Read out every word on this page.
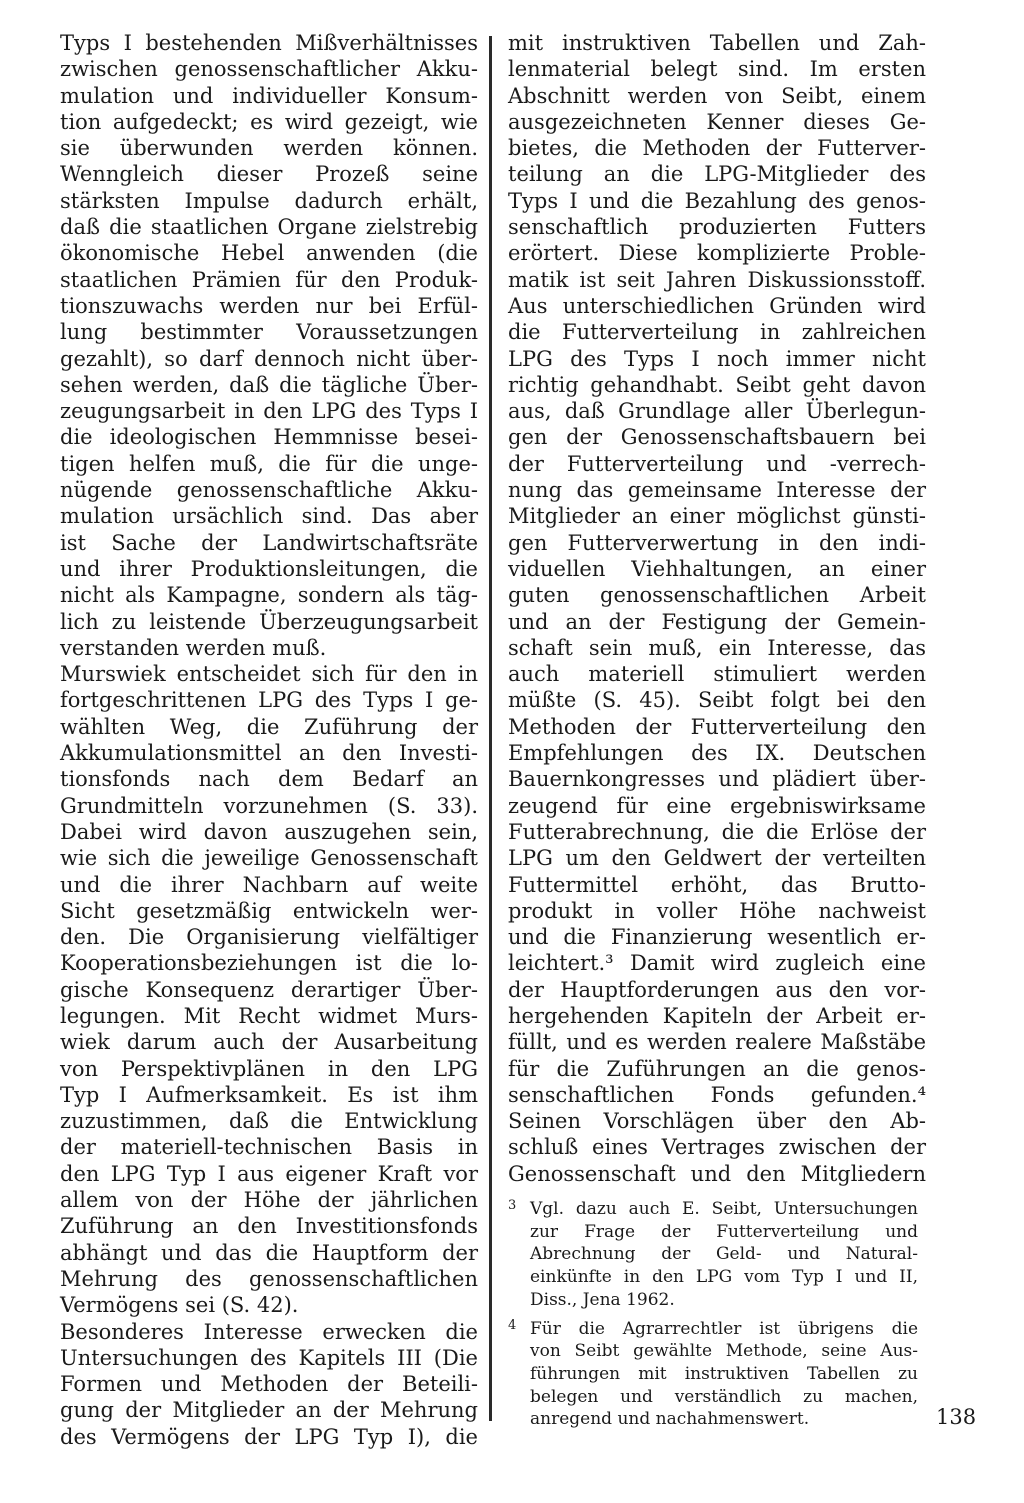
Typs I bestehenden Mißverhältnisses
zwischen genossenschaftlicher Akku-
mulation und individueller Konsum-
tion aufgedeckt; es wird gezeigt, wie
sie überwunden werden können.
Wenngleich dieser Prozeß seine
stärksten Impulse dadurch erhält,
daß die staatlichen Organe zielstrebig
ökonomische Hebel anwenden (die
staatlichen Prämien für den Produk-
tionszuwachs werden nur bei Erfül-
lung bestimmter Voraussetzungen
gezahlt), so darf dennoch nicht über-
sehen werden, daß die tägliche Über-
zeugungsarbeit in den LPG des Typs I
die ideologischen Hemmnisse besei-
tigen helfen muß, die für die unge-
nügende genossenschaftliche Akku-
mulation ursächlich sind. Das aber
ist Sache der Landwirtschaftsräte
und ihrer Produktionsleitungen, die
nicht als Kampagne, sondern als täg-
lich zu leistende Überzeugungsarbeit
verstanden werden muß.
Murswiek entscheidet sich für den in
fortgeschrittenen LPG des Typs I ge-
wählten Weg, die Zuführung der
Akkumulationsmittel an den Investi-
tionsfonds nach dem Bedarf an
Grundmitteln vorzunehmen (S. 33).
Dabei wird davon auszugehen sein,
wie sich die jeweilige Genossenschaft
und die ihrer Nachbarn auf weite
Sicht gesetzmäßig entwickeln wer-
den. Die Organisierung vielfältiger
Kooperationsbeziehungen ist die lo-
gische Konsequenz derartiger Über-
legungen. Mit Recht widmet Murs-
wiek darum auch der Ausarbeitung
von Perspektivplänen in den LPG
Typ I Aufmerksamkeit. Es ist ihm
zuzustimmen, daß die Entwicklung
der materiell-technischen Basis in
den LPG Typ I aus eigener Kraft vor
allem von der Höhe der jährlichen
Zuführung an den Investitionsfonds
abhängt und das die Hauptform der
Mehrung des genossenschaftlichen
Vermögens sei (S. 42).
Besonderes Interesse erwecken die
Untersuchungen des Kapitels III (Die
Formen und Methoden der Beteili-
gung der Mitglieder an der Mehrung
des Vermögens der LPG Typ I), die
mit instruktiven Tabellen und Zah-
lenmaterial belegt sind. Im ersten
Abschnitt werden von Seibt, einem
ausgezeichneten Kenner dieses Ge-
bietes, die Methoden der Futterver-
teilung an die LPG-Mitglieder des
Typs I und die Bezahlung des genos-
senschaftlich produzierten Futters
erörtert. Diese komplizierte Proble-
matik ist seit Jahren Diskussionsstoff.
Aus unterschiedlichen Gründen wird
die Futterverteilung in zahlreichen
LPG des Typs I noch immer nicht
richtig gehandhabt. Seibt geht davon
aus, daß Grundlage aller Überlegun-
gen der Genossenschaftsbauern bei
der Futterverteilung und -verrech-
nung das gemeinsame Interesse der
Mitglieder an einer möglichst günsti-
gen Futterverwertung in den indi-
viduellen Viehhaltungen, an einer
guten genossenschaftlichen Arbeit
und an der Festigung der Gemein-
schaft sein muß, ein Interesse, das
auch materiell stimuliert werden
müßte (S. 45). Seibt folgt bei den
Methoden der Futterverteilung den
Empfehlungen des IX. Deutschen
Bauernkongresses und plädiert über-
zeugend für eine ergebniswirksame
Futterabrechnung, die die Erlöse der
LPG um den Geldwert der verteilten
Futtermittel erhöht, das Brutto-
produkt in voller Höhe nachweist
und die Finanzierung wesentlich er-
leichtert.³ Damit wird zugleich eine
der Hauptforderungen aus den vor-
hergehenden Kapiteln der Arbeit er-
füllt, und es werden realere Maßstäbe
für die Zuführungen an die genos-
senschaftlichen Fonds gefunden.⁴
Seinen Vorschlägen über den Ab-
schluß eines Vertrages zwischen der
Genossenschaft und den Mitgliedern
3 Vgl. dazu auch E. Seibt, Untersuchungen
zur Frage der Futterverteilung und
Abrechnung der Geld- und Natural-
einkünfte in den LPG vom Typ I und II,
Diss., Jena 1962.
4 Für die Agrarrechtler ist übrigens die
von Seibt gewählte Methode, seine Aus-
führungen mit instruktiven Tabellen zu
belegen und verständlich zu machen,
anregend und nachahmenswert.	138
